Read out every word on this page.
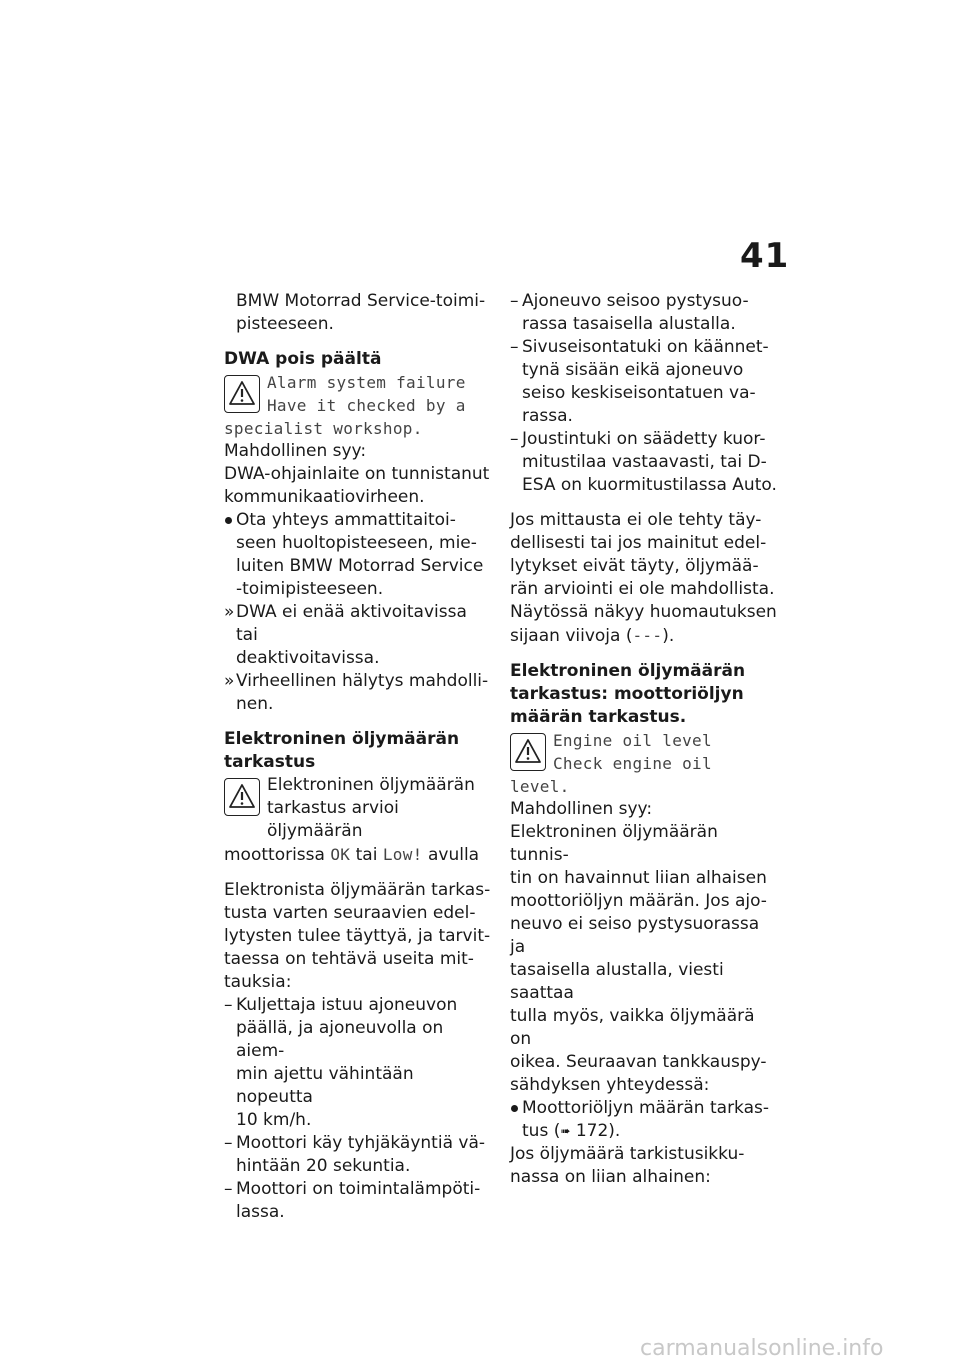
41

BMW Motorrad Service-toimi-

pisteeseen.

DWA pois päältä

Alarm system failure
Have it checked by a

specialist workshop.

Mahdollinen syy:

DWA-ohjainlaite on tunnistanut

kommunikaatiovirheen.

Ota yhteys ammattitaitoi-
seen huoltopisteeseen, mie-
luiten BMW Motorrad Service
-toimipisteeseen.
» DWA ei enää aktivoitavissa tai
deaktivoitavissa.
» Virheellinen hälytys mahdolli-
nen.

Elektroninen öljymäärän

tarkastus

Elektroninen öljymäärän
tarkastus arvioi öljymäärän

moottorissa OK tai Low! avulla

Elektronista öljymäärän tarkas-

tusta varten seuraavien edel-

lytysten tulee täyttyä, ja tarvit-

taessa on tehtävä useita mit-

tauksia:

– Kuljettaja istuu ajoneuvon
päällä, ja ajoneuvolla on aiem-
min ajettu vähintään nopeutta
10 km/h.
– Moottori käy tyhjäkäyntiä vä-
hintään 20 sekuntia.
– Moottori on toimintalämpöti-
lassa.
– Ajoneuvo seisoo pystysuo-
rassa tasaisella alustalla.
– Sivuseisontatuki on käännet-
tynä sisään eikä ajoneuvo
seiso keskiseisontatuen va-
rassa.
– Joustintuki on säädetty kuor-
mitustilaa vastaavasti, tai D-
ESA on kuormitustilassa Auto.

Jos mittausta ei ole tehty täy-

dellisesti tai jos mainitut edel-

lytykset eivät täyty, öljymää-

rän arviointi ei ole mahdollista.

Näytössä näkyy huomautuksen

sijaan viivoja (---).

Elektroninen öljymäärän

tarkastus: moottoriöljyn

määrän tarkastus.

Engine oil level
Check engine oil

level.

Mahdollinen syy:

Elektroninen öljymäärän tunnis-

tin on havainnut liian alhaisen

moottoriöljyn määrän. Jos ajo-

neuvo ei seiso pystysuorassa ja

tasaisella alustalla, viesti saattaa

tulla myös, vaikka öljymäärä on

oikea. Seuraavan tankkauspy-

sähdyksen yhteydessä:

Moottoriöljyn määrän tarkas-
tus (➠ 172).

Jos öljymäärä tarkistusikku-

nassa on liian alhainen:

carmanualsonline.info
